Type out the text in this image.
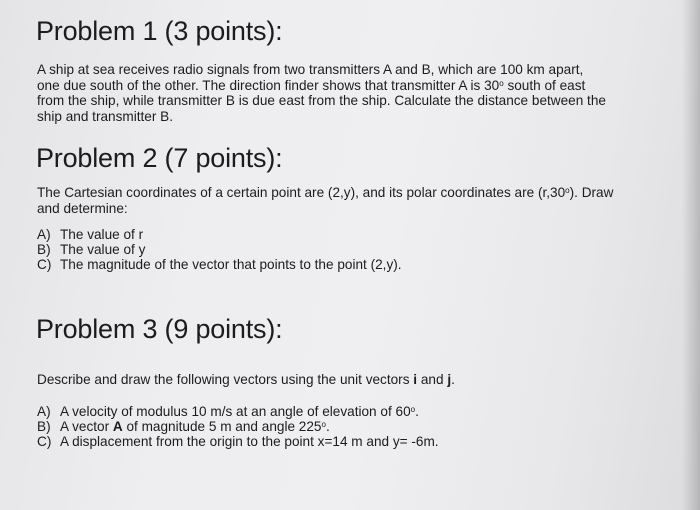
Problem 1 (3 points):

A ship at sea receives radio signals from two transmitters A and B, which are 100 km apart,
one due south of the other. The direction finder shows that transmitter A is 30$^o$ south of east
from the ship, while transmitter B is due east from the ship. Calculate the distance between the
ship and transmitter B.

Problem 2 (7 points):

The Cartesian coordinates of a certain point are (2,y), and its polar coordinates are (r,30$^o$). Draw
and determine:

A) The value of r
B) The value of y
C) The magnitude of the vector that points to the point (2,y).
Problem 3 (9 points):

Describe and draw the following vectors using the unit vectors i and j.

A) A velocity of modulus 10 m/s at an angle of elevation of 60$^o$.
B) A vector A of magnitude 5 m and angle 225$^o$.
C) A displacement from the origin to the point x=14 m and y= -6m.
